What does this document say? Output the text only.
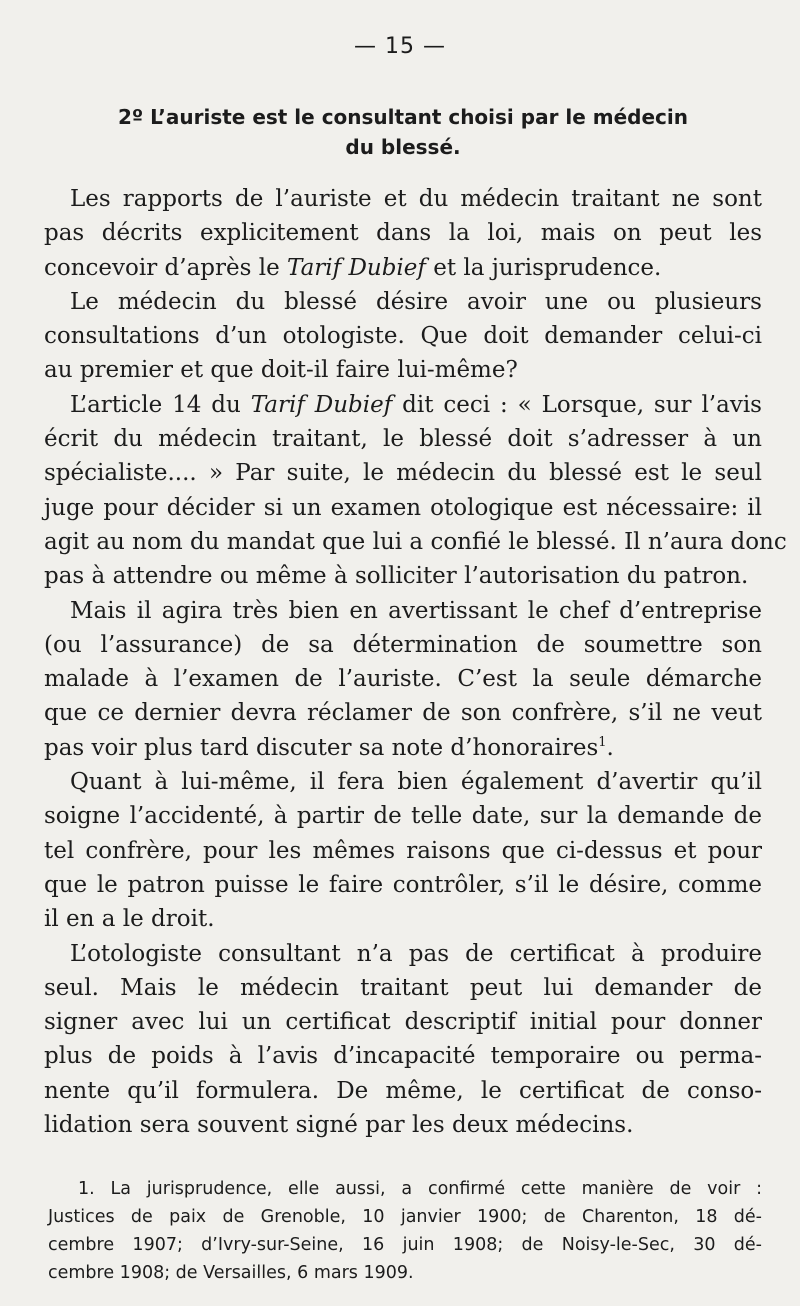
— 15 —
2º L’auriste est le consultant choisi par le médecin
du blessé.
Les rapports de l’auriste et du médecin traitant ne sont
pas décrits explicitement dans la loi, mais on peut les
concevoir d’après le Tarif Dubief et la jurisprudence.
Le médecin du blessé désire avoir une ou plusieurs
consultations d’un otologiste. Que doit demander celui-ci
au premier et que doit-il faire lui-même?
L’article 14 du Tarif Dubief dit ceci : « Lorsque, sur l’avis
écrit du médecin traitant, le blessé doit s’adresser à un
spécialiste.... » Par suite, le médecin du blessé est le seul
juge pour décider si un examen otologique est nécessaire: il
agit au nom du mandat que lui a confié le blessé. Il n’aura donc
pas à attendre ou même à solliciter l’autorisation du patron.
Mais il agira très bien en avertissant le chef d’entreprise
(ou l’assurance) de sa détermination de soumettre son
malade à l’examen de l’auriste. C’est la seule démarche
que ce dernier devra réclamer de son confrère, s’il ne veut
pas voir plus tard discuter sa note d’honoraires$^1$.
Quant à lui-même, il fera bien également d’avertir qu’il
soigne l’accidenté, à partir de telle date, sur la demande de
tel confrère, pour les mêmes raisons que ci-dessus et pour
que le patron puisse le faire contrôler, s’il le désire, comme
il en a le droit.
L’otologiste consultant n’a pas de certificat à produire
seul. Mais le médecin traitant peut lui demander de
signer avec lui un certificat descriptif initial pour donner
plus de poids à l’avis d’incapacité temporaire ou perma-
nente qu’il formulera. De même, le certificat de conso-
lidation sera souvent signé par les deux médecins.
1. La jurisprudence, elle aussi, a confirmé cette manière de voir :
Justices de paix de Grenoble, 10 janvier 1900; de Charenton, 18 dé-
cembre 1907; d’Ivry-sur-Seine, 16 juin 1908; de Noisy-le-Sec, 30 dé-
cembre 1908; de Versailles, 6 mars 1909.
